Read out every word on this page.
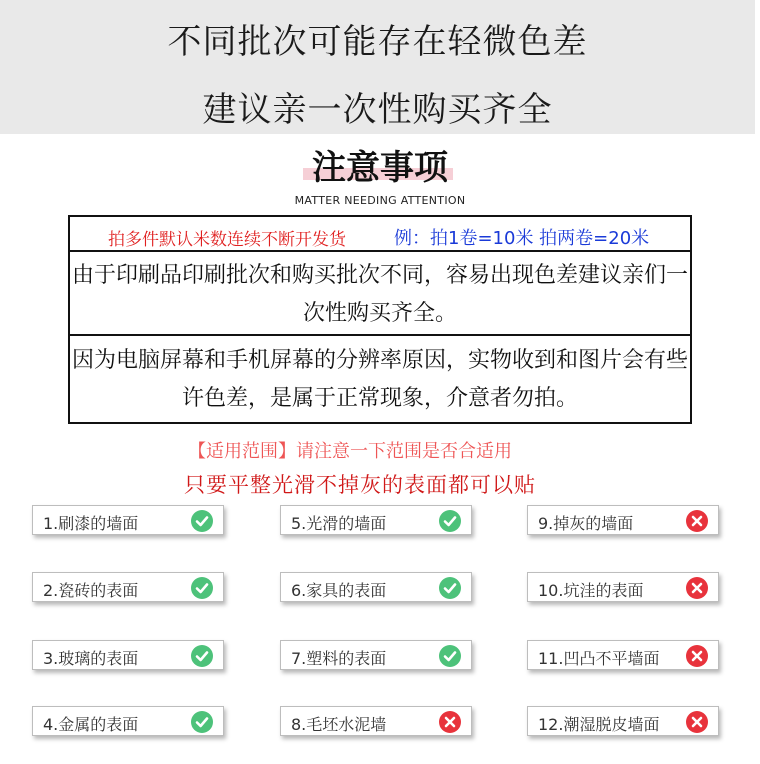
不同批次可能存在轻微色差
建议亲一次性购买齐全
注意事项
MATTER NEEDING ATTENTION
拍多件默认米数连续不断开发货	例：拍1卷=10米 拍两卷=20米
由于印刷品印刷批次和购买批次不同，容易出现色差建议亲们一次性购买齐全。
因为电脑屏幕和手机屏幕的分辨率原因，实物收到和图片会有些许色差，是属于正常现象，介意者勿拍。
【适用范围】请注意一下范围是否合适用
只要平整光滑不掉灰的表面都可以贴
1.刷漆的墙面
2.瓷砖的表面
3.玻璃的表面
4.金属的表面
5.光滑的墙面
6.家具的表面
7.塑料的表面
8.毛坯水泥墙
9.掉灰的墙面
10.坑洼的表面
11.凹凸不平墙面
12.潮湿脱皮墙面
